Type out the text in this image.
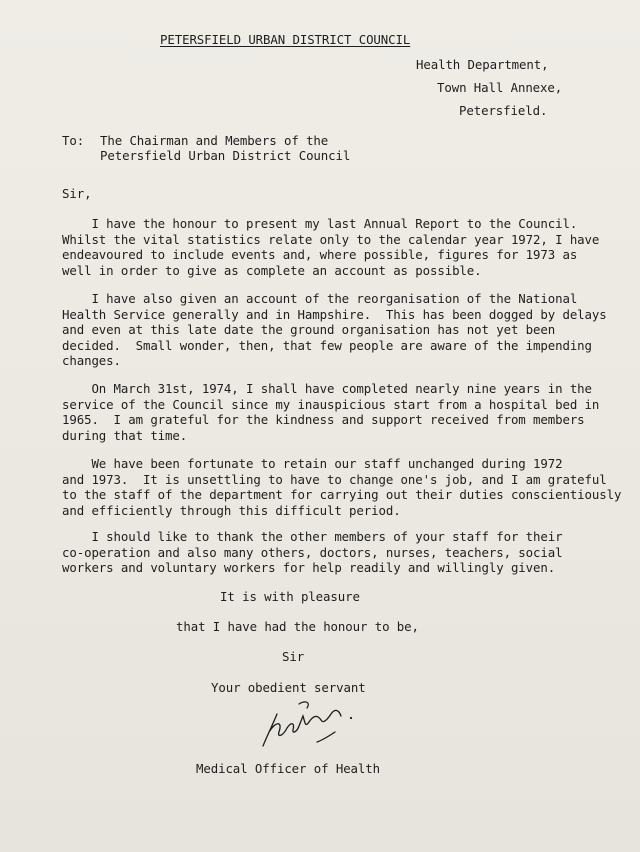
PETERSFIELD URBAN DISTRICT COUNCIL
Health Department,
Town Hall Annexe,
Petersfield.
To: The Chairman and Members of the
Petersfield Urban District Council
Sir,
I have the honour to present my last Annual Report to the Council.
Whilst the vital statistics relate only to the calendar year 1972, I have
endeavoured to include events and, where possible, figures for 1973 as
well in order to give as complete an account as possible.
I have also given an account of the reorganisation of the National
Health Service generally and in Hampshire.  This has been dogged by delays
and even at this late date the ground organisation has not yet been
decided.  Small wonder, then, that few people are aware of the impending
changes.
On March 31st, 1974, I shall have completed nearly nine years in the
service of the Council since my inauspicious start from a hospital bed in
1965.  I am grateful for the kindness and support received from members
during that time.
We have been fortunate to retain our staff unchanged during 1972
and 1973.  It is unsettling to have to change one's job, and I am grateful
to the staff of the department for carrying out their duties conscientiously
and efficiently through this difficult period.
I should like to thank the other members of your staff for their
co-operation and also many others, doctors, nurses, teachers, social
workers and voluntary workers for help readily and willingly given.
It is with pleasure
that I have had the honour to be,
Sir
Your obedient servant
Medical Officer of Health
